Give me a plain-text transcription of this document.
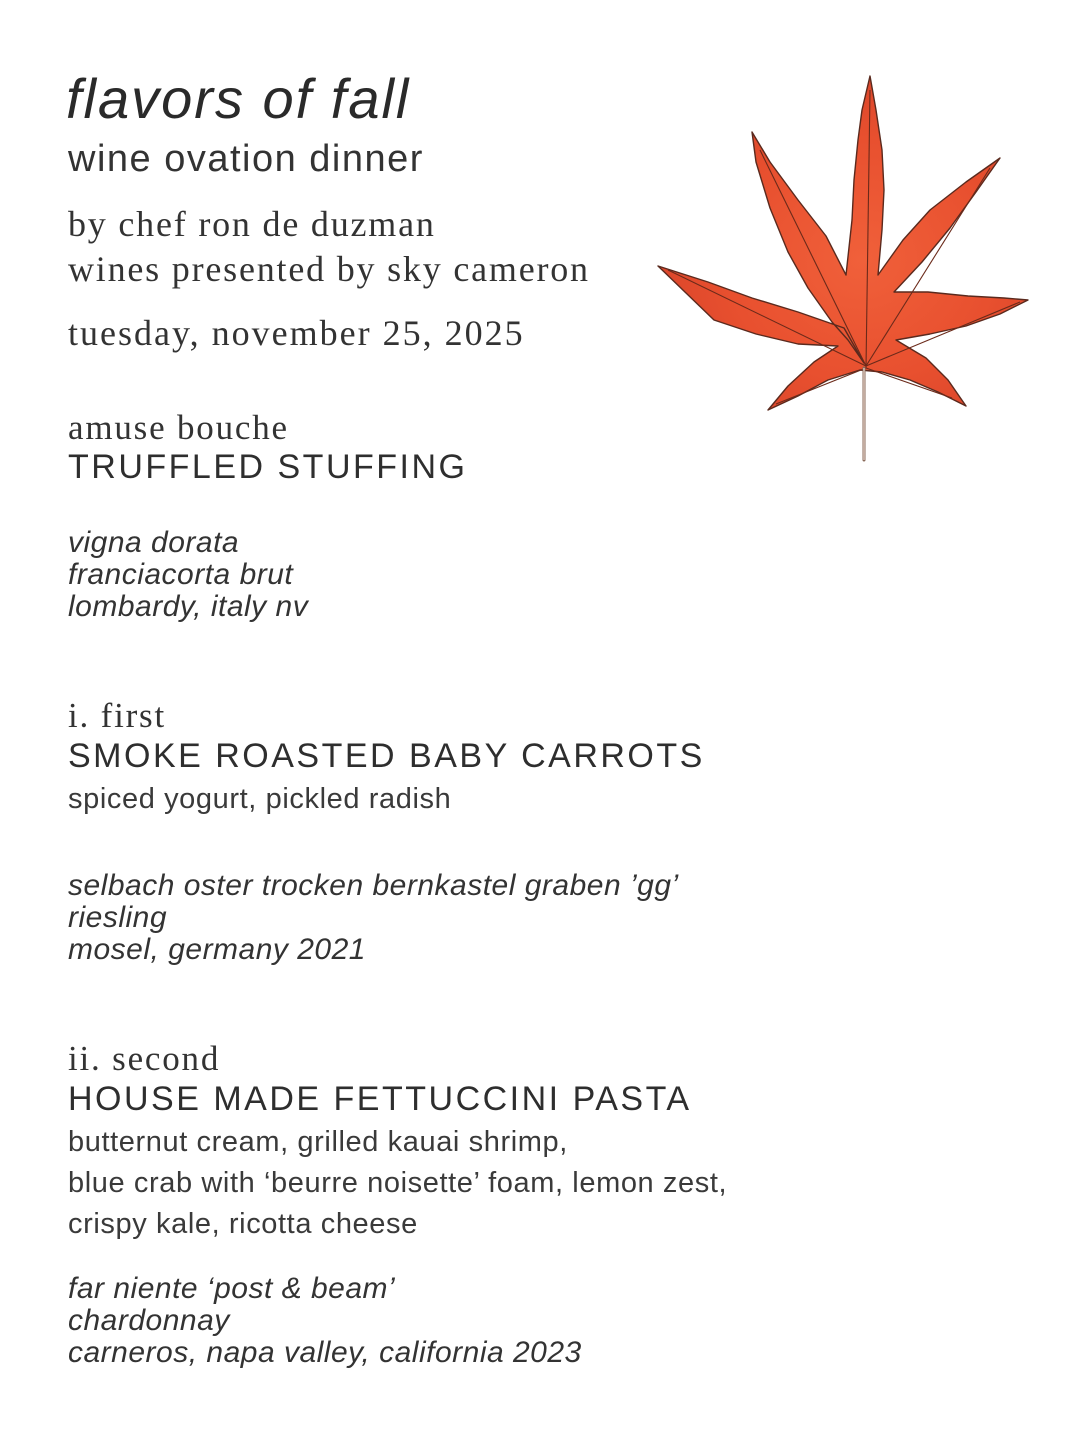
flavors of fall
wine ovation dinner
by chef ron de duzman
wines presented by sky cameron
tuesday, november 25, 2025
amuse bouche
TRUFFLED STUFFING
vigna dorata
franciacorta brut
lombardy, italy nv
i. first
SMOKE ROASTED BABY CARROTS
spiced yogurt, pickled radish
selbach oster trocken bernkastel graben ’gg’
riesling
mosel, germany 2021
ii. second
HOUSE MADE FETTUCCINI PASTA
butternut cream, grilled kauai shrimp,
blue crab with ‘beurre noisette’ foam, lemon zest,
crispy kale, ricotta cheese
far niente ‘post & beam’
chardonnay
carneros, napa valley, california 2023
